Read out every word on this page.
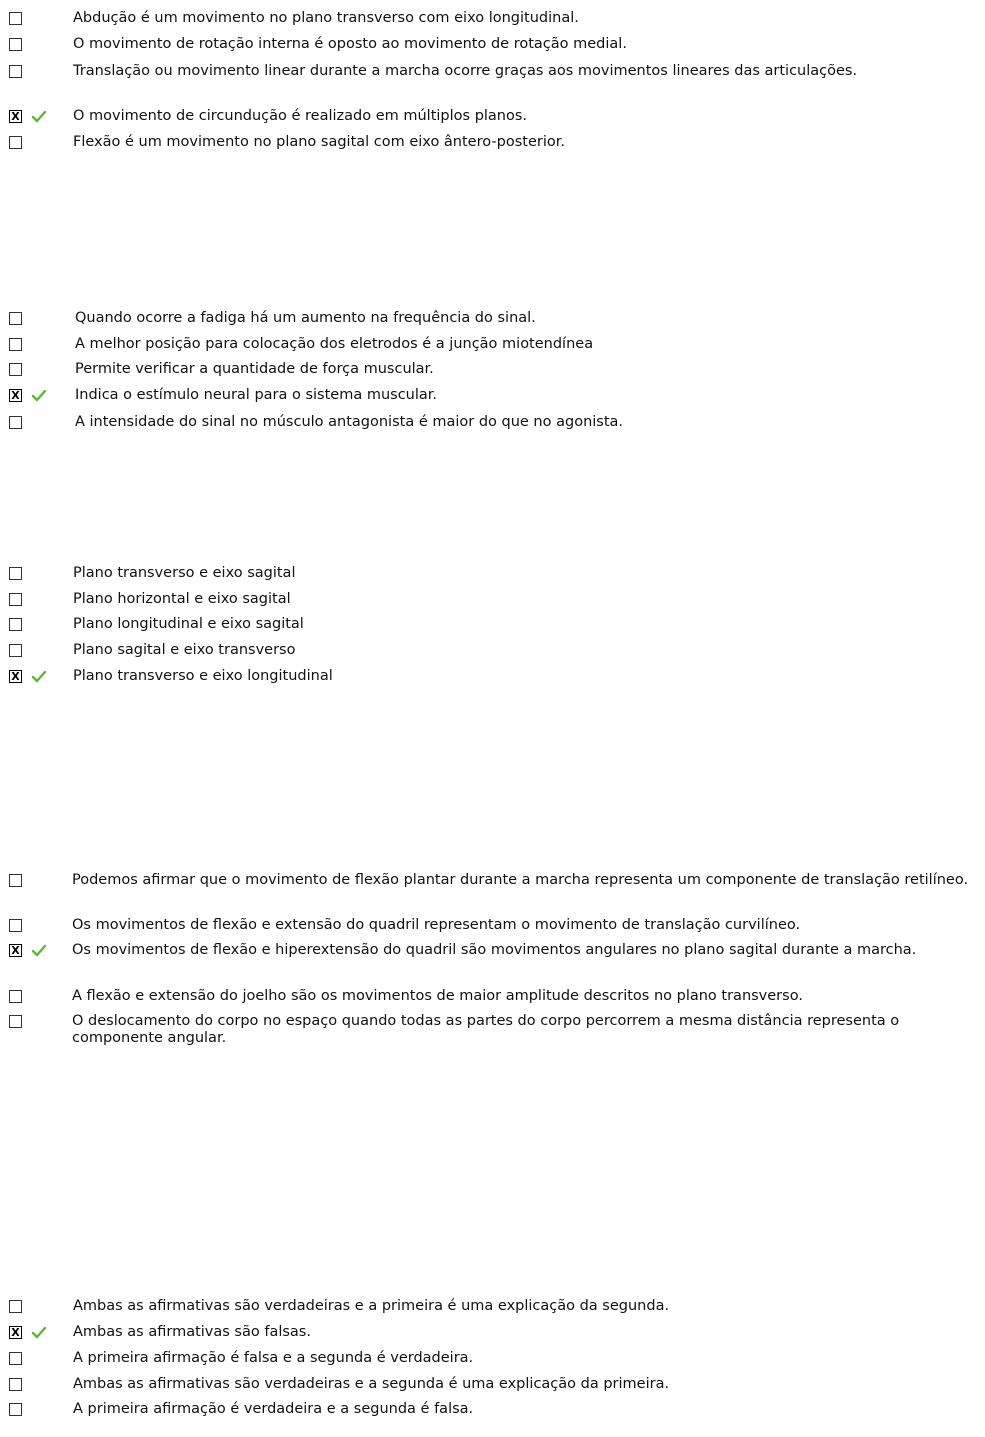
Abdução é um movimento no plano transverso com eixo longitudinal.
O movimento de rotação interna é oposto ao movimento de rotação medial.
Translação ou movimento linear durante a marcha ocorre graças aos movimentos lineares das articulações.
X	O movimento de circundução é realizado em múltiplos planos.
Flexão é um movimento no plano sagital com eixo ântero-posterior.
Quando ocorre a fadiga há um aumento na frequência do sinal.
A melhor posição para colocação dos eletrodos é a junção miotendínea
Permite verificar a quantidade de força muscular.
X	Indica o estímulo neural para o sistema muscular.
A intensidade do sinal no músculo antagonista é maior do que no agonista.
Plano transverso e eixo sagital
Plano horizontal e eixo sagital
Plano longitudinal e eixo sagital
Plano sagital e eixo transverso
X	Plano transverso e eixo longitudinal
Podemos afirmar que o movimento de flexão plantar durante a marcha representa um componente de translação retilíneo.
Os movimentos de flexão e extensão do quadril representam o movimento de translação curvilíneo.
X	Os movimentos de flexão e hiperextensão do quadril são movimentos angulares no plano sagital durante a marcha.
A flexão e extensão do joelho são os movimentos de maior amplitude descritos no plano transverso.
O deslocamento do corpo no espaço quando todas as partes do corpo percorrem a mesma distância representa o componente angular.
Ambas as afirmativas são verdadeiras e a primeira é uma explicação da segunda.
X	Ambas as afirmativas são falsas.
A primeira afirmação é falsa e a segunda é verdadeira.
Ambas as afirmativas são verdadeiras e a segunda é uma explicação da primeira.
A primeira afirmação é verdadeira e a segunda é falsa.
